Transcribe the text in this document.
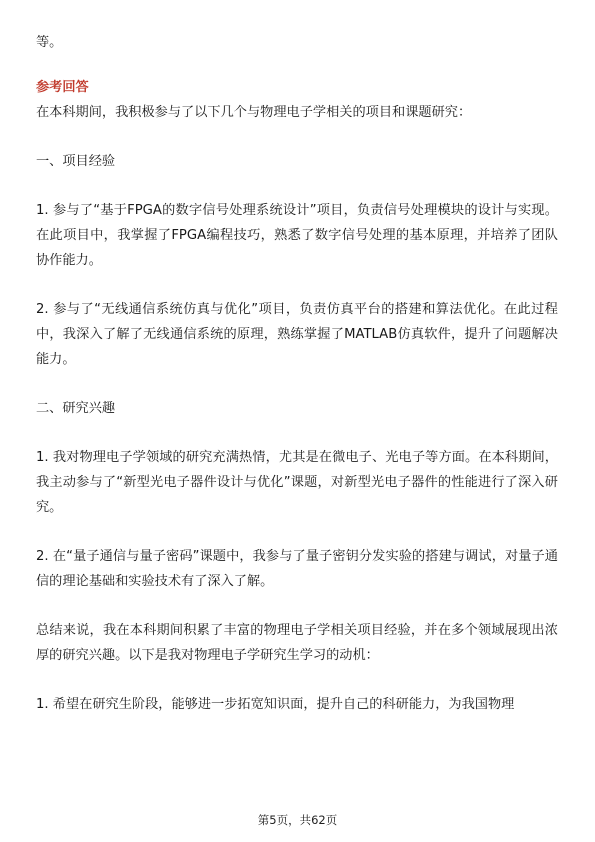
等。

参考回答

在本科期间，我积极参与了以下几个与物理电子学相关的项目和课题研究：

一、项目经验

1. 参与了“基于FPGA的数字信号处理系统设计”项目，负责信号处理模块的设计与实现。在此项目中，我掌握了FPGA编程技巧，熟悉了数字信号处理的基本原理，并培养了团队协作能力。

2. 参与了“无线通信系统仿真与优化”项目，负责仿真平台的搭建和算法优化。在此过程中，我深入了解了无线通信系统的原理，熟练掌握了MATLAB仿真软件，提升了问题解决能力。

二、研究兴趣

1. 我对物理电子学领域的研究充满热情，尤其是在微电子、光电子等方面。在本科期间，我主动参与了“新型光电子器件设计与优化”课题，对新型光电子器件的性能进行了深入研究。

2. 在“量子通信与量子密码”课题中，我参与了量子密钥分发实验的搭建与调试，对量子通信的理论基础和实验技术有了深入了解。

总结来说，我在本科期间积累了丰富的物理电子学相关项目经验，并在多个领域展现出浓厚的研究兴趣。以下是我对物理电子学研究生学习的动机：

1. 希望在研究生阶段，能够进一步拓宽知识面，提升自己的科研能力，为我国物理

第5页，共62页
